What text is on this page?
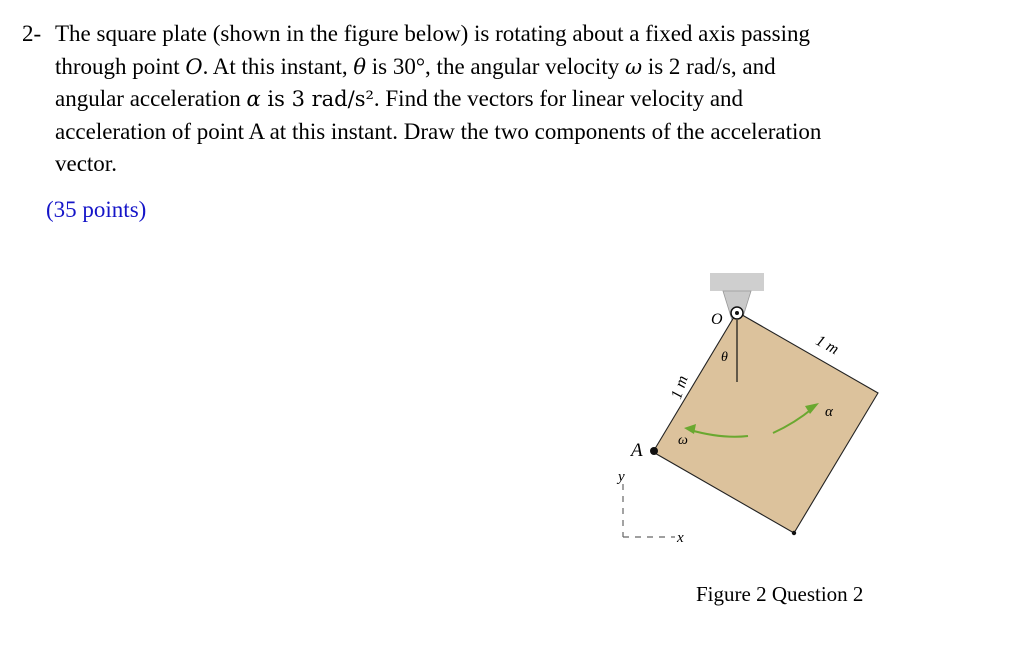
2- The square plate (shown in the figure below) is rotating about a fixed axis passing
through point O. At this instant, θ is 30°, the angular velocity ω is 2 rad/s, and
angular acceleration α is 3 rad/s². Find the vectors for linear velocity and
acceleration of point A at this instant. Draw the two components of the acceleration
vector.
(35 points)
O
θ	1 m
1 m
α
ω
A
y
x
Figure 2 Question 2
